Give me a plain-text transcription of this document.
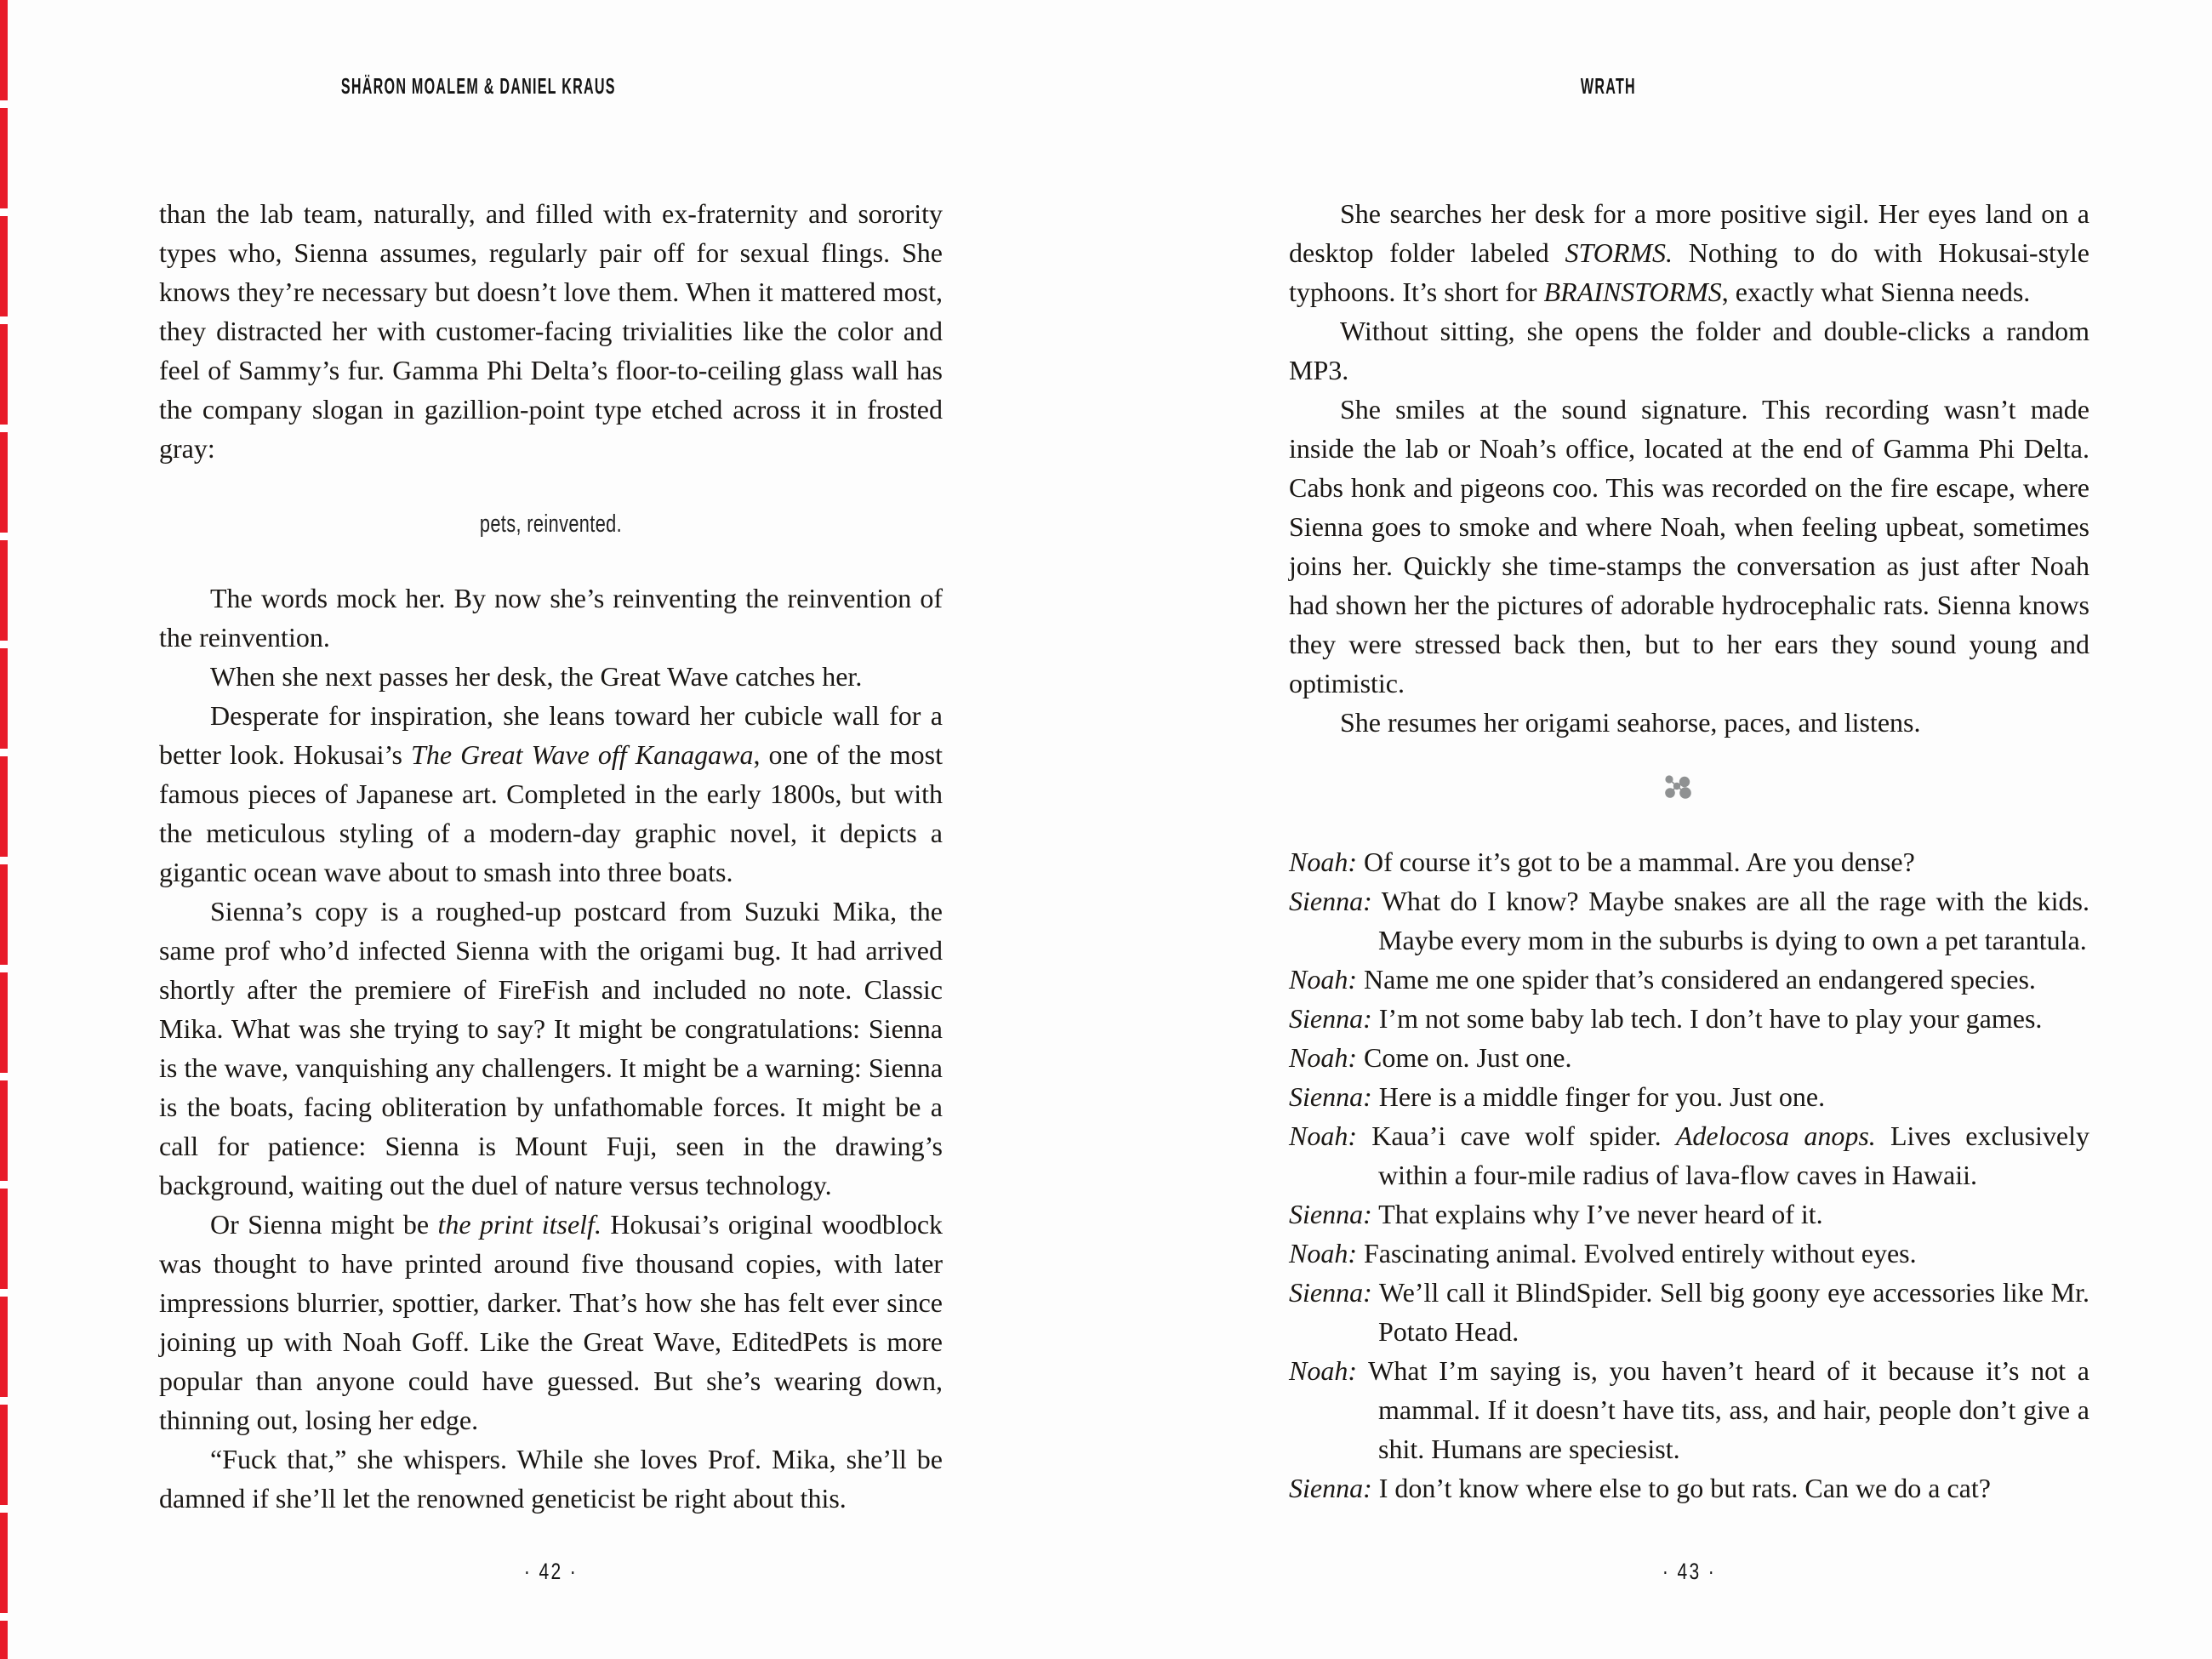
SHÄRON MOALEM & DANIEL KRAUS

than the lab team, naturally, and filled with ex-fraternity and sorority types who, Sienna assumes, regularly pair off for sexual flings. She knows they’re necessary but doesn’t love them. When it mattered most, they distracted her with customer-facing trivialities like the color and feel of Sammy’s fur. Gamma Phi Delta’s floor-to-ceiling glass wall has the company slogan in gazillion-point type etched across it in frosted gray:

pets, reinvented.

The words mock her. By now she’s reinventing the reinvention of the reinvention.

When she next passes her desk, the Great Wave catches her.

Desperate for inspiration, she leans toward her cubicle wall for a better look. Hokusai’s The Great Wave off Kanagawa, one of the most famous pieces of Japanese art. Completed in the early 1800s, but with the meticulous styling of a modern-day graphic novel, it depicts a gigantic ocean wave about to smash into three boats.

Sienna’s copy is a roughed-up postcard from Suzuki Mika, the same prof who’d infected Sienna with the origami bug. It had arrived shortly after the premiere of FireFish and included no note. Classic Mika. What was she trying to say? It might be congratulations: Sienna is the wave, vanquishing any challengers. It might be a warning: Sienna is the boats, facing obliteration by unfathomable forces. It might be a call for patience: Sienna is Mount Fuji, seen in the drawing’s background, waiting out the duel of nature versus technology.

Or Sienna might be the print itself. Hokusai’s original woodblock was thought to have printed around five thousand copies, with later impressions blurrier, spottier, darker. That’s how she has felt ever since joining up with Noah Goff. Like the Great Wave, EditedPets is more popular than anyone could have guessed. But she’s wearing down, thinning out, losing her edge.

“Fuck that,” she whispers. While she loves Prof. Mika, she’ll be damned if she’ll let the renowned geneticist be right about this.

· 42 ·
WRATH

She searches her desk for a more positive sigil. Her eyes land on a desktop folder labeled STORMS. Nothing to do with Hokusai-style typhoons. It’s short for BRAINSTORMS, exactly what Sienna needs.

Without sitting, she opens the folder and double-clicks a random MP3.

She smiles at the sound signature. This recording wasn’t made inside the lab or Noah’s office, located at the end of Gamma Phi Delta. Cabs honk and pigeons coo. This was recorded on the fire escape, where Sienna goes to smoke and where Noah, when feeling upbeat, sometimes joins her. Quickly she time-stamps the conversation as just after Noah had shown her the pictures of adorable hydrocephalic rats. Sienna knows they were stressed back then, but to her ears they sound young and optimistic.

She resumes her origami seahorse, paces, and listens.

Noah: Of course it’s got to be a mammal. Are you dense?

Sienna: What do I know? Maybe snakes are all the rage with the kids. Maybe every mom in the suburbs is dying to own a pet tarantula.

Noah: Name me one spider that’s considered an endangered species.

Sienna: I’m not some baby lab tech. I don’t have to play your games.

Noah: Come on. Just one.

Sienna: Here is a middle finger for you. Just one.

Noah: Kaua’i cave wolf spider. Adelocosa anops. Lives exclusively within a four-mile radius of lava-flow caves in Hawaii.

Sienna: That explains why I’ve never heard of it.

Noah: Fascinating animal. Evolved entirely without eyes.

Sienna: We’ll call it BlindSpider. Sell big goony eye accessories like Mr. Potato Head.

Noah: What I’m saying is, you haven’t heard of it because it’s not a mammal. If it doesn’t have tits, ass, and hair, people don’t give a shit. Humans are speciesist.

Sienna: I don’t know where else to go but rats. Can we do a cat?

· 43 ·
